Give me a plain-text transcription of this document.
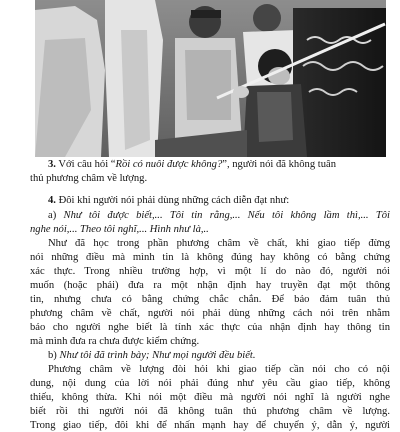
3. Với câu hỏi “Rồi có nuôi được không?”, người nói đã không tuân
thủ phương châm về lượng.
4. Đôi khi người nói phải dùng những cách diễn đạt như:
a) Như tôi được biết,... Tôi tin rằng,... Nếu tôi không lầm thì,... Tôi
nghe nói,... Theo tôi nghĩ,... Hình như là,..
Như đã học trong phần phương châm về chất, khi giao tiếp đừng
nói những điều mà mình tin là không đúng hay không có bằng chứng
xác thực. Trong nhiều trường hợp, vì một lí do nào đó, người nói
muốn (hoặc phải) đưa ra một nhận định hay truyền đạt một thông
tin, nhưng chưa có bằng chứng chắc chắn. Để bảo đảm tuân thủ
phương châm về chất, người nói phải dùng những cách nói trên nhằm
báo cho người nghe biết là tính xác thực của nhận định hay thông tin
mà mình đưa ra chưa được kiểm chứng.
b) Như tôi đã trình bày; Như mọi người đều biết.
Phương châm về lượng đòi hỏi khi giao tiếp cần nói cho có nội
dung, nội dung của lời nói phải đúng như yêu cầu giao tiếp, không
thiếu, không thừa. Khi nói một điều mà người nói nghĩ là người nghe
biết rồi thì người nói đã không tuân thủ phương châm về lượng.
Trong giao tiếp, đôi khi để nhấn mạnh hay để chuyển ý, dẫn ý, người
